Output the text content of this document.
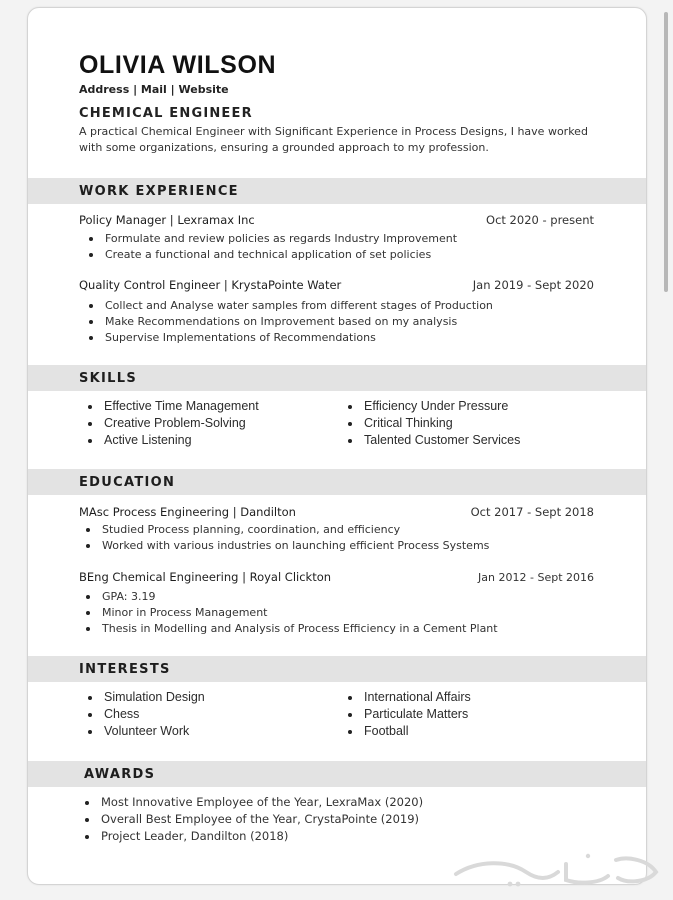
OLIVIA WILSON
Address | Mail | Website
CHEMICAL ENGINEER
A practical Chemical Engineer with Significant Experience in Process Designs, I have worked with some organizations, ensuring a grounded approach to my profession.
WORK EXPERIENCE
Policy Manager | Lexramax Inc	Oct 2020 - present
Formulate and review policies as regards Industry Improvement
Create a functional and technical application of set policies
Quality Control Engineer | KrystaPointe Water	Jan 2019 - Sept 2020
Collect and Analyse water samples from different stages of Production
Make Recommendations on Improvement based on my analysis
Supervise Implementations of Recommendations
SKILLS
Effective Time Management
Creative Problem-Solving
Active Listening
Efficiency Under Pressure
Critical Thinking
Talented Customer Services
EDUCATION
MAsc Process Engineering | Dandilton	Oct 2017 - Sept 2018
Studied Process planning, coordination, and efficiency
Worked with various industries on launching efficient Process Systems
BEng Chemical Engineering | Royal Clickton	Jan 2012 - Sept 2016
GPA: 3.19
Minor in Process Management
Thesis in Modelling and Analysis of Process Efficiency in a Cement Plant
INTERESTS
Simulation Design
Chess
Volunteer Work
International Affairs
Particulate Matters
Football
AWARDS
Most Innovative Employee of the Year, LexraMax (2020)
Overall Best Employee of the Year, CrystaPointe (2019)
Project Leader, Dandilton (2018)
